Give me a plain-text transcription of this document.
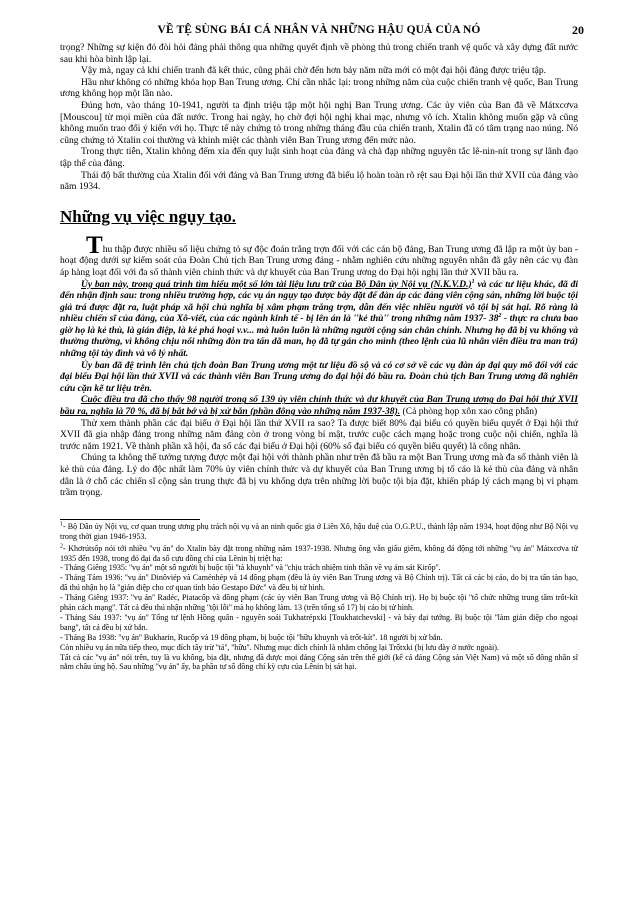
VỀ TỆ SÙNG BÁI CÁ NHÂN VÀ NHỮNG HẬU QUẢ CỦA NÓ	20

trọng? Những sự kiện đó đòi hỏi đảng phải thông qua những quyết định về phòng thủ trong chiến tranh vệ quốc và xây dựng đất nước sau khi hòa bình lập lại.

Vậy mà, ngay cả khi chiến tranh đã kết thúc, cũng phải chờ đến hơn bảy năm nữa mới có một đại hội đảng được triệu tập.

Hầu như không có những khóa họp Ban Trung ương. Chỉ cần nhắc lại: trong những năm của cuộc chiến tranh vệ quốc, Ban Trung ương không họp một lần nào.

Đúng hơn, vào tháng 10-1941, người ta định triệu tập một hội nghị Ban Trung ương. Các ủy viên của Ban đã về Mátxcơva [Mouscou] từ mọi miền của đất nước. Trong hai ngày, họ chờ đợi hội nghị khai mạc, nhưng vô ích. Xtalin không muốn gặp và cũng không muốn trao đổi ý kiến với họ. Thực tế này chứng tỏ trong những tháng đầu của chiến tranh, Xtalin đã có tâm trạng nao núng. Nó cũng chứng tỏ Xtalin coi thường và khinh miệt các thành viên Ban Trung ương đến mức nào.

Trong thực tiễn, Xtalin không đếm xỉa đến quy luật sinh hoạt của đảng và chà đạp những nguyên tắc lê-nin-nít trong sự lãnh đạo tập thể của đảng.

Thái độ bất thường của Xtalin đối với đảng và Ban Trung ương đã biểu lộ hoàn toàn rõ rệt sau Đại hội lần thứ XVII của đảng vào năm 1934.

Những vụ việc ngụy tạo.

Thu thập được nhiều số liệu chứng tỏ sự độc đoán trắng trợn đối với các cán bộ đảng, Ban Trung ương đã lập ra một ủy ban - hoạt động dưới sự kiểm soát của Đoàn Chủ tịch Ban Trung ương đảng - nhằm nghiên cứu những nguyên nhân đã gây nên các vụ đàn áp hàng loạt đối với đa số thành viên chính thức và dự khuyết của Ban Trung ương do Đại hội nghị lần thứ XVII bầu ra.

Ủy ban này, trong quá trình tìm hiểu một số lớn tài liệu lưu trữ của Bộ Dân ủy Nội vụ $(N.K.V.D.)^1$ và các tư liệu khác, đã đi đến nhận định sau: trong nhiều trường hợp, các vụ án ngụy tạo được bày đặt để đàn áp các đảng viên cộng sản, những lời buộc tội giả trá được đặt ra, luật pháp xã hội chủ nghĩa bị xâm phạm trắng trợn, dẫn đến việc nhiều người vô tội bị sát hại. Rõ ràng là nhiều chiến sĩ của đảng, của Xô-viết, của các ngành kinh tế - bị lên án là ''kẻ thù'' trong những năm 1937- $38^2$ - thực ra chưa bao giờ họ là kẻ thù, là gián điệp, là kẻ phá hoại v.v... mà luôn luôn là những người cộng sản chân chính. Nhưng họ đã bị vu khống và thường thường, vì không chịu nổi những đòn tra tấn dã man, họ đã tự gán cho mình (theo lệnh của lũ nhân viên điều tra man trá) những tội tày đình và vô lý nhất.

Ủy ban đã đệ trình lên chủ tịch đoàn Ban Trung ương một tư liệu đồ sộ và có cơ sở về các vụ đàn áp đại quy mô đối với các đại biểu Đại hội lần thứ XVII và các thành viên Ban Trung ương do đại hội đó bầu ra. Đoàn chủ tịch Ban Trung ương đã nghiên cứu cặn kẽ tư liệu trên.

Cuộc điều tra đã cho thấy 98 người trong số 139 ủy viên chính thức và dự khuyết của Ban Trung ương do Đại hội thứ XVII bầu ra, nghĩa là 70 %, đã bị bắt bớ và bị xử bắn (phần đông vào những năm 1937-38). (Cả phòng họp xôn xao công phẫn)

Thử xem thành phần các đại biểu ở Đại hội lần thứ XVII ra sao? Ta được biết 80% đại biểu có quyền biểu quyết ở Đại hội thứ XVII đã gia nhập đảng trong những năm đảng còn ở trong vòng bí mật, trước cuộc cách mạng hoặc trong cuộc nội chiến, nghĩa là trước năm 1921. Về thành phần xã hội, đa số các đại biểu ở Đại hội (60% số đại biểu có quyền biểu quyết) là công nhân.

Chúng ta không thể tưởng tượng được một đại hội với thành phần như trên đã bầu ra một Ban Trung ương mà đa số thành viên là kẻ thù của đảng. Lý do độc nhất làm 70% ủy viên chính thức và dự khuyết của Ban Trung ương bị tố cáo là kẻ thù của đảng và nhân dân là ở chỗ các chiến sĩ cộng sản trung thực đã bị vu khống dựa trên những lời buộc tội bịa đặt, khiến pháp lý cách mạng bị vi phạm trầm trọng.

$^1$- Bộ Dân ủy Nội vụ, cơ quan trung ương phụ trách nội vụ và an ninh quốc gia ở Liên Xô, hậu duệ của O.G.P.U., thành lập năm 1934, hoạt động như Bộ Nội vụ trong thời gian 1946-1953.

$^2$- Khơrútsốp nói tới nhiều ''vụ án'' do Xtalin bày đặt trong những năm 1937-1938. Nhưng ông vẫn giấu giếm, không đả động tới những ''vụ án'' Mátxcơva từ 1935 đến 1938, trong đó đại đa số cựu đồng chí của Lênin bị triệt hạ:

- Tháng Giêng 1935: ''vụ án'' một số người bị buộc tội ''tà khuynh'' và ''chịu trách nhiệm tinh thần về vụ ám sát Kirốp''.

- Tháng Tám 1936: ''vụ án'' Dinôviép và Caménhép và 14 đồng phạm (đều là ủy viên Ban Trung ương và Bộ Chính trị). Tất cả các bị cáo, do bị tra tấn tàn bạo, đã thú nhận họ là ''gián điệp cho cơ quan tình báo Gestapo Đức'' và đều bị tử hình.

- Tháng Giêng 1937: ''vụ án'' Radéc, Piatacốp và đồng phạm (các ủy viên Ban Trung ương và Bộ Chính trị). Họ bị buộc tội ''tổ chức những trung tâm trốt-kít phản cách mạng''. Tất cả đều thú nhận những ''tội lỗi'' mà họ không làm. 13 (trên tổng số 17) bị cáo bị tử hình.

- Tháng Sáu 1937: ''vụ án'' Tổng tư lệnh Hồng quân - nguyên soái Tukhatrépxki [Toukhatchevski] - và bảy đại tướng. Bị buộc tội ''làm gián điệp cho ngoại bang'', tất cả đều bị xử bắn.

- Tháng Ba 1938: ''vụ án'' Bukharin, Rucốp và 19 đồng phạm, bị buộc tội ''hữu khuynh và trốt-kít''. 18 người bị xử bắn.

Còn nhiều vụ án nữa tiếp theo, mục đích tây trừ ''tả'', ''hữu''. Nhưng mục đích chính là nhằm chống lại Trốtxki (bị lưu đày ở nước ngoài).

Tất cả các ''vụ án'' nói trên, tuy là vu khống, bịa đặt, nhưng đã được mọi đảng Cộng sản trên thế giới (kể cả đảng Cộng sản Việt Nam) và một số đông nhân sĩ nằm châu ủng hộ. Sau những ''vụ án'' ấy, ba phần tư số đồng chí kỳ cựu của Lênin bị sát hại.
